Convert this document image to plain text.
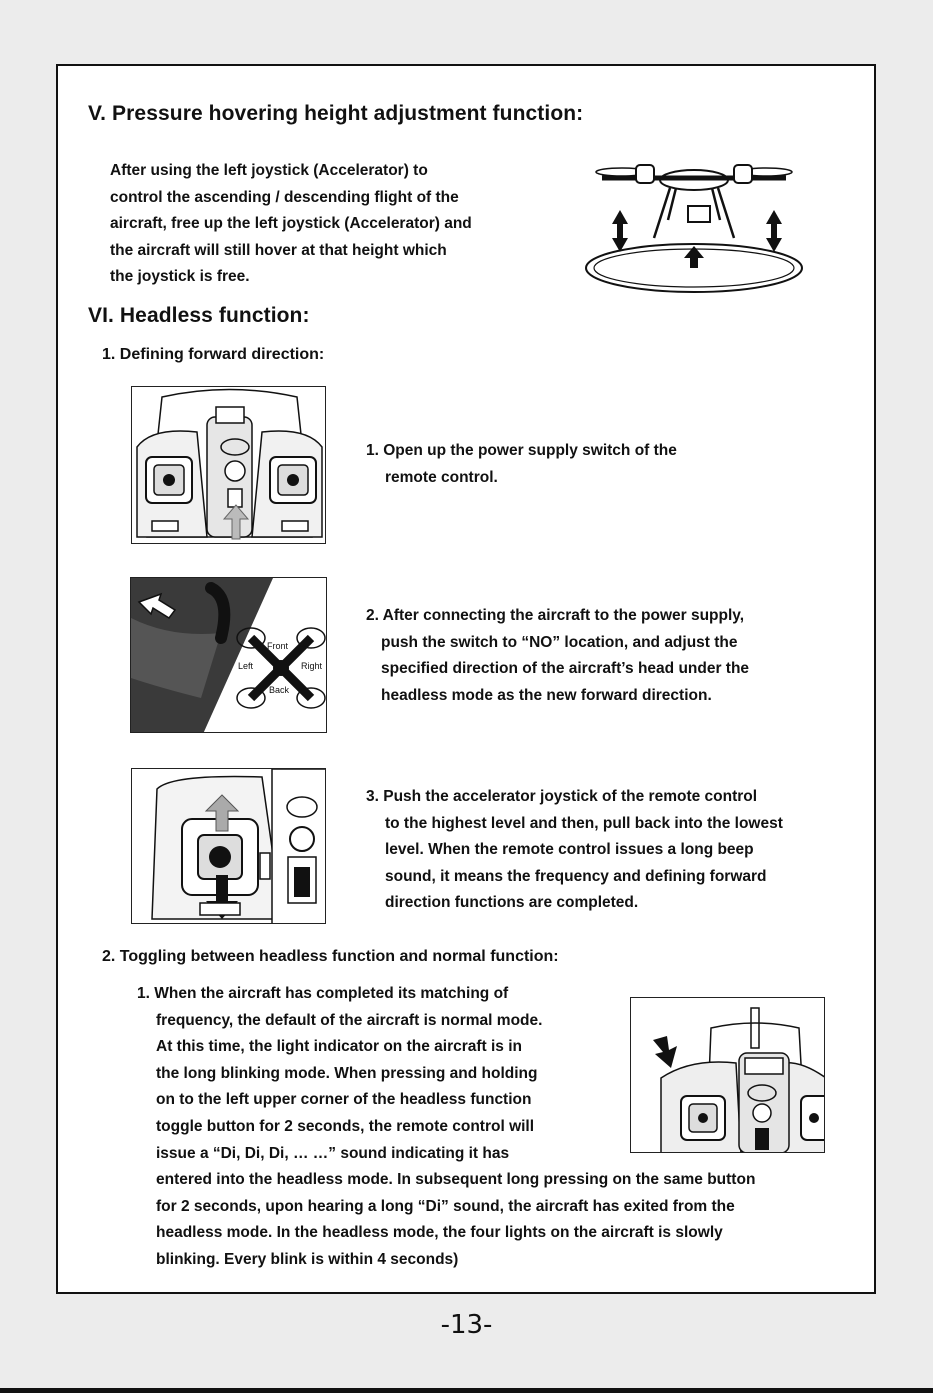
V. Pressure hovering height adjustment function:
After using the left joystick (Accelerator) to
control the ascending / descending flight of the
aircraft, free up the left joystick (Accelerator) and
the aircraft will still hover at that height which
the joystick is free.
VI. Headless function:
1. Defining forward direction:
1. Open up the power supply switch of the
remote control.
Front
Left	Right
Back
2. After connecting the aircraft to the power supply,
push the switch to “NO” location, and adjust the
specified direction of the aircraft’s head under the
headless mode as the new forward direction.
3. Push the accelerator joystick of the remote control
to the highest level and then, pull back into the lowest
level. When the remote control issues a long beep
sound, it means the frequency and defining forward
direction functions are completed.
2. Toggling between headless function and normal function:
1. When the aircraft has completed its matching of
frequency, the default of the aircraft is normal mode.
At this time, the light indicator on the aircraft is in
the long blinking mode. When pressing and holding
on to the left upper corner of the headless function
toggle button for 2 seconds, the remote control will
issue a “Di, Di, Di, … …” sound indicating it has
entered into the headless mode. In subsequent long pressing on the same button
for 2 seconds, upon hearing a long “Di” sound, the aircraft has exited from the
headless mode. In the headless mode, the four lights on the aircraft is slowly
blinking. Every blink is within 4 seconds)
-13-
